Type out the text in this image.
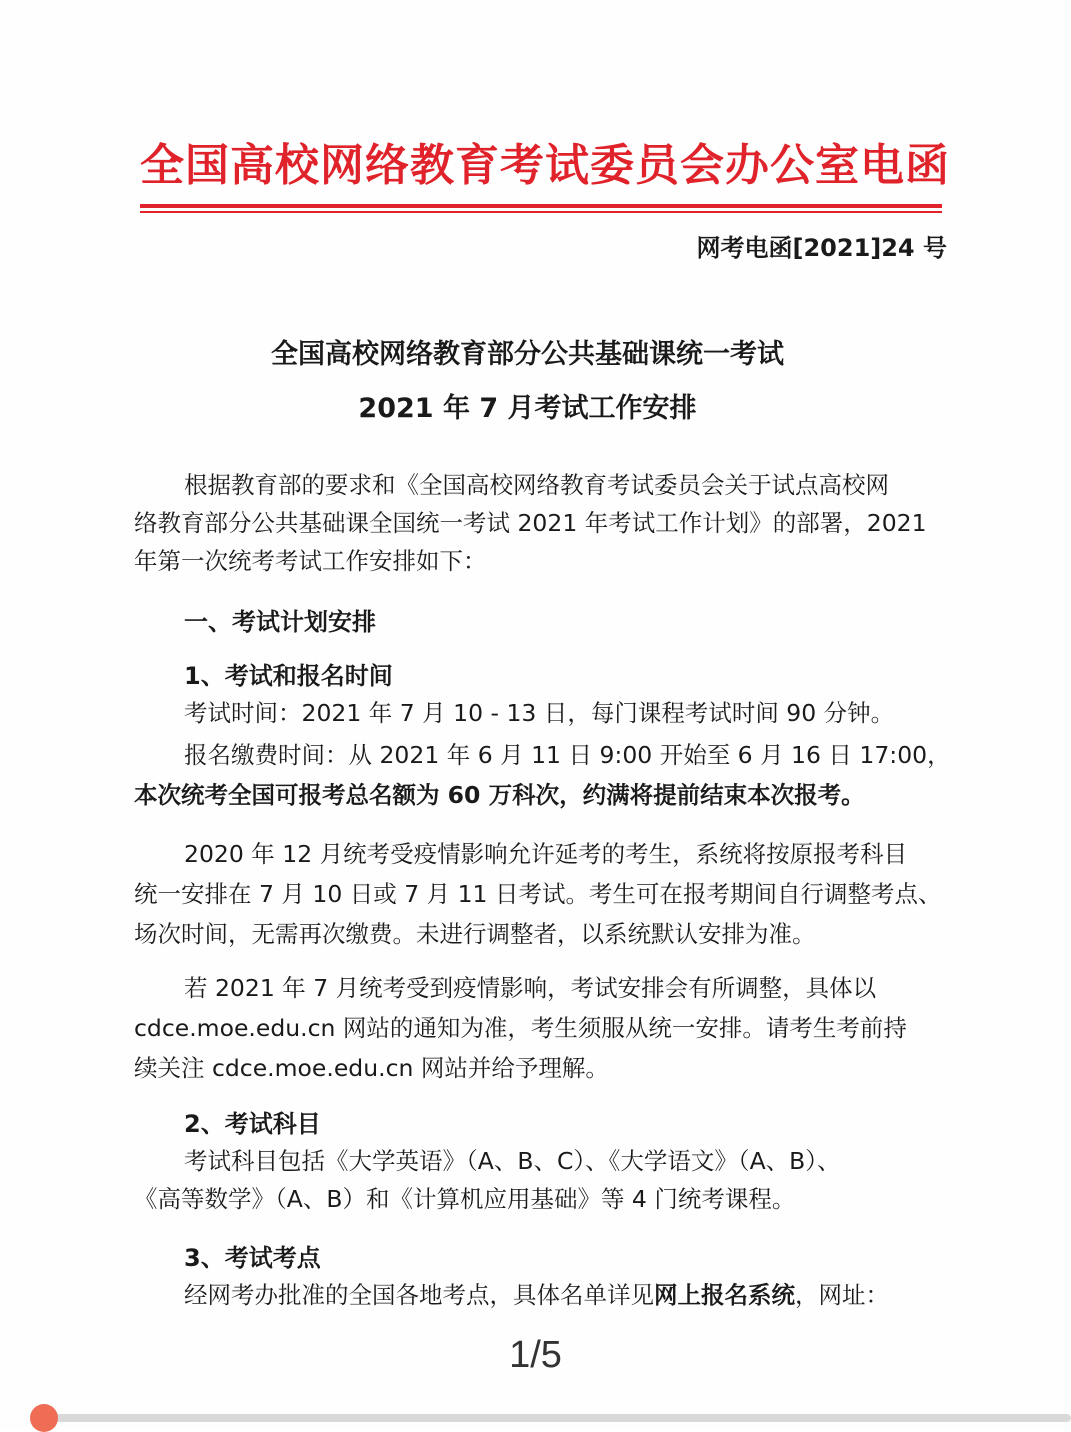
全国高校网络教育考试委员会办公室电函
网考电函[2021]24 号
全国高校网络教育部分公共基础课统一考试
2021 年 7 月考试工作安排
根据教育部的要求和《全国高校网络教育考试委员会关于试点高校网
络教育部分公共基础课全国统一考试 2021 年考试工作计划》的部署，2021
年第一次统考考试工作安排如下：
一、考试计划安排
1、考试和报名时间
考试时间：2021 年 7 月 10 - 13 日，每门课程考试时间 90 分钟。
报名缴费时间：从 2021 年 6 月 11 日 9:00 开始至 6 月 16 日 17:00，
本次统考全国可报考总名额为 60 万科次，约满将提前结束本次报考。
2020 年 12 月统考受疫情影响允许延考的考生，系统将按原报考科目
统一安排在 7 月 10 日或 7 月 11 日考试。考生可在报考期间自行调整考点、
场次时间，无需再次缴费。未进行调整者，以系统默认安排为准。
若 2021 年 7 月统考受到疫情影响，考试安排会有所调整，具体以
cdce.moe.edu.cn 网站的通知为准，考生须服从统一安排。请考生考前持
续关注 cdce.moe.edu.cn 网站并给予理解。
2、考试科目
考试科目包括《大学英语》（A、B、C）、《大学语文》（A、B）、
《高等数学》（A、B）和《计算机应用基础》等 4 门统考课程。
3、考试考点
经网考办批准的全国各地考点，具体名单详见网上报名系统，网址：
1/5
